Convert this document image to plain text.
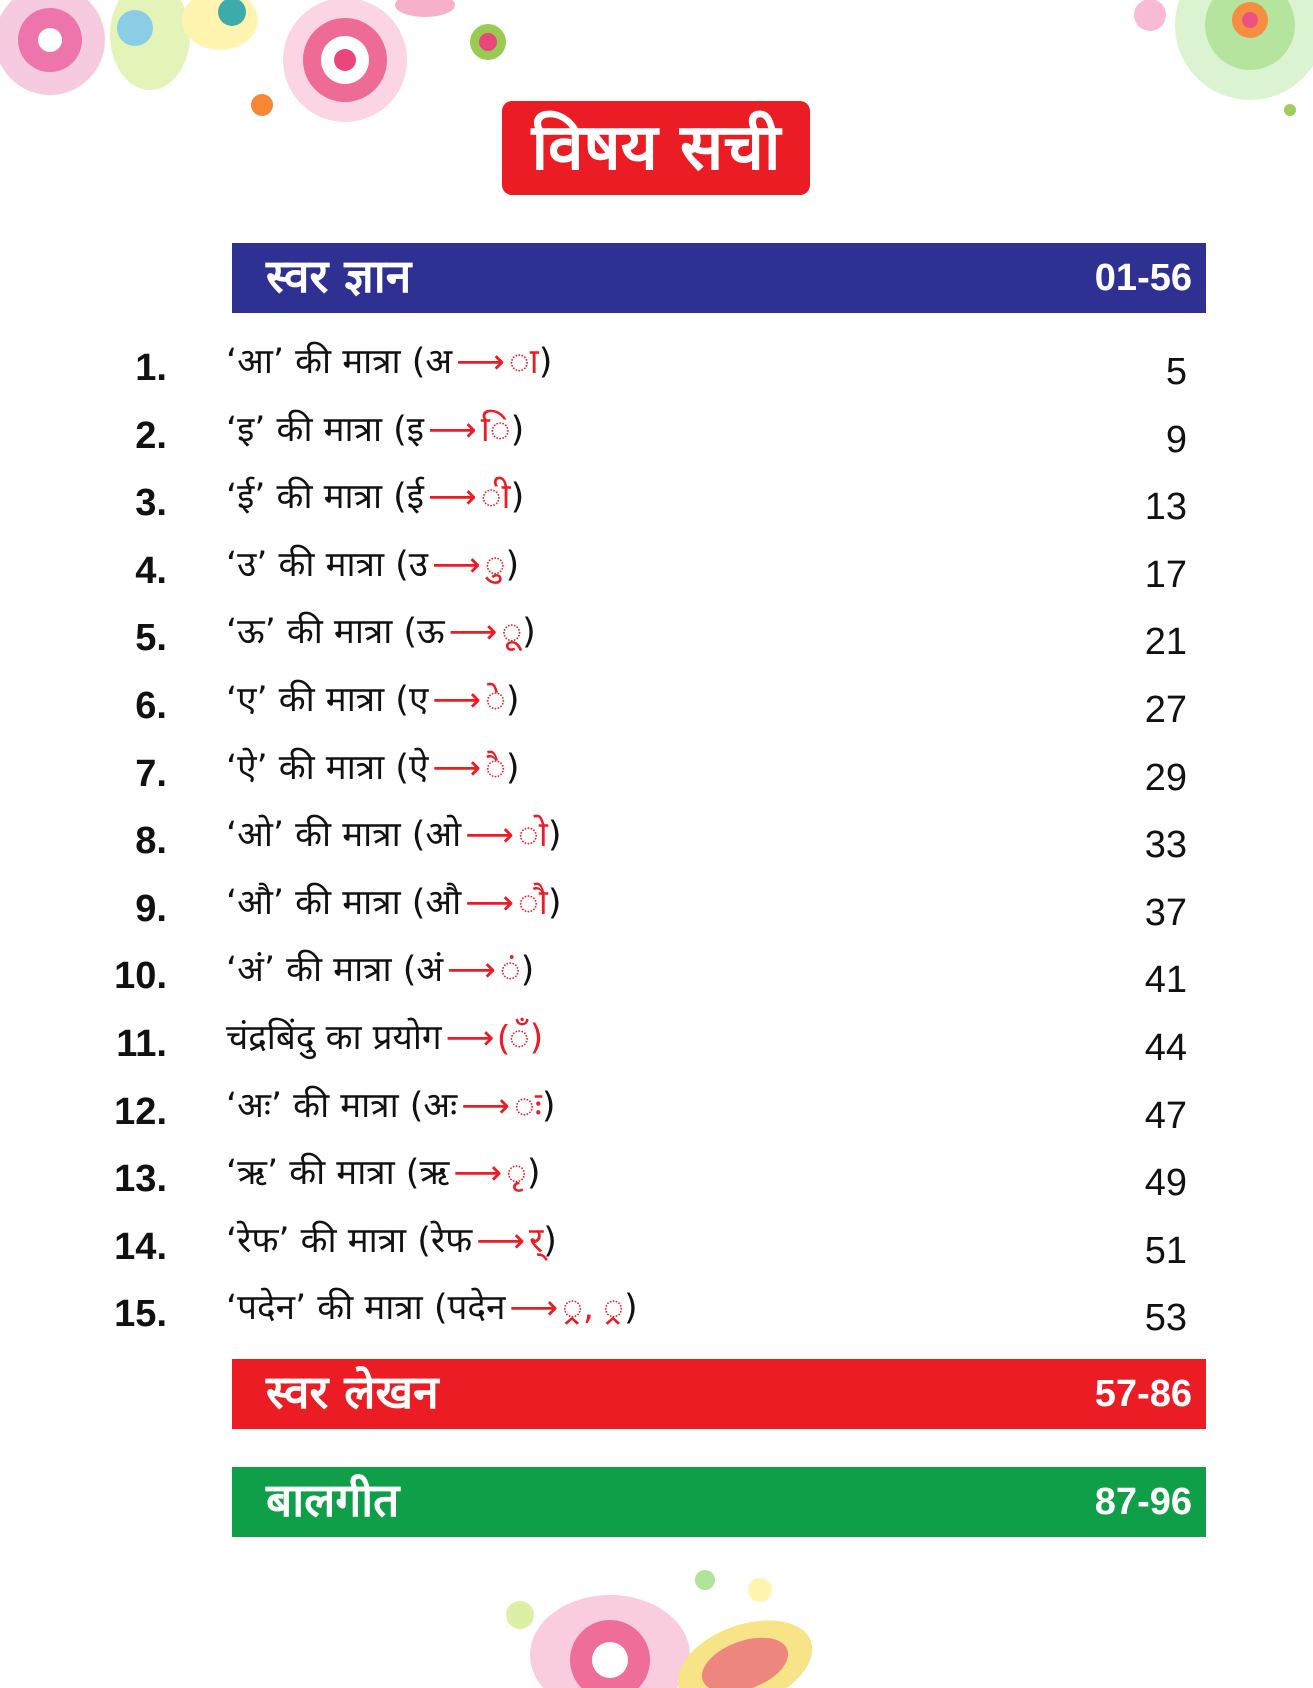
विषय सची
स्वर ज्ञान	01-56
1. ‘आ’ की मात्रा (अ ⟶ ा)	5
2. ‘इ’ की मात्रा (इ ⟶ ि)	9
3. ‘ई’ की मात्रा (ई ⟶ ी)	13
4. ‘उ’ की मात्रा (उ ⟶ ु)	17
5. ‘ऊ’ की मात्रा (ऊ ⟶ ू)	21
6. ‘ए’ की मात्रा (ए ⟶ े)	27
7. ‘ऐ’ की मात्रा (ऐ ⟶ ै)	29
8. ‘ओ’ की मात्रा (ओ ⟶ ो)	33
9. ‘औ’ की मात्रा (औ ⟶ ौ)	37
10. ‘अं’ की मात्रा (अं ⟶ ं)	41
11. चंद्रबिंदु का प्रयोग ⟶ (ँ)	44
12. ‘अः’ की मात्रा (अः ⟶ ः)	47
13. ‘ऋ’ की मात्रा (ऋ ⟶ ृ)	49
14. ‘रेफ’ की मात्रा (रेफ ⟶ र्)	51
15. ‘पदेन’ की मात्रा (पदेन ⟶ ्र, ्र)	53
स्वर लेखन	57-86
बालगीत	87-96
